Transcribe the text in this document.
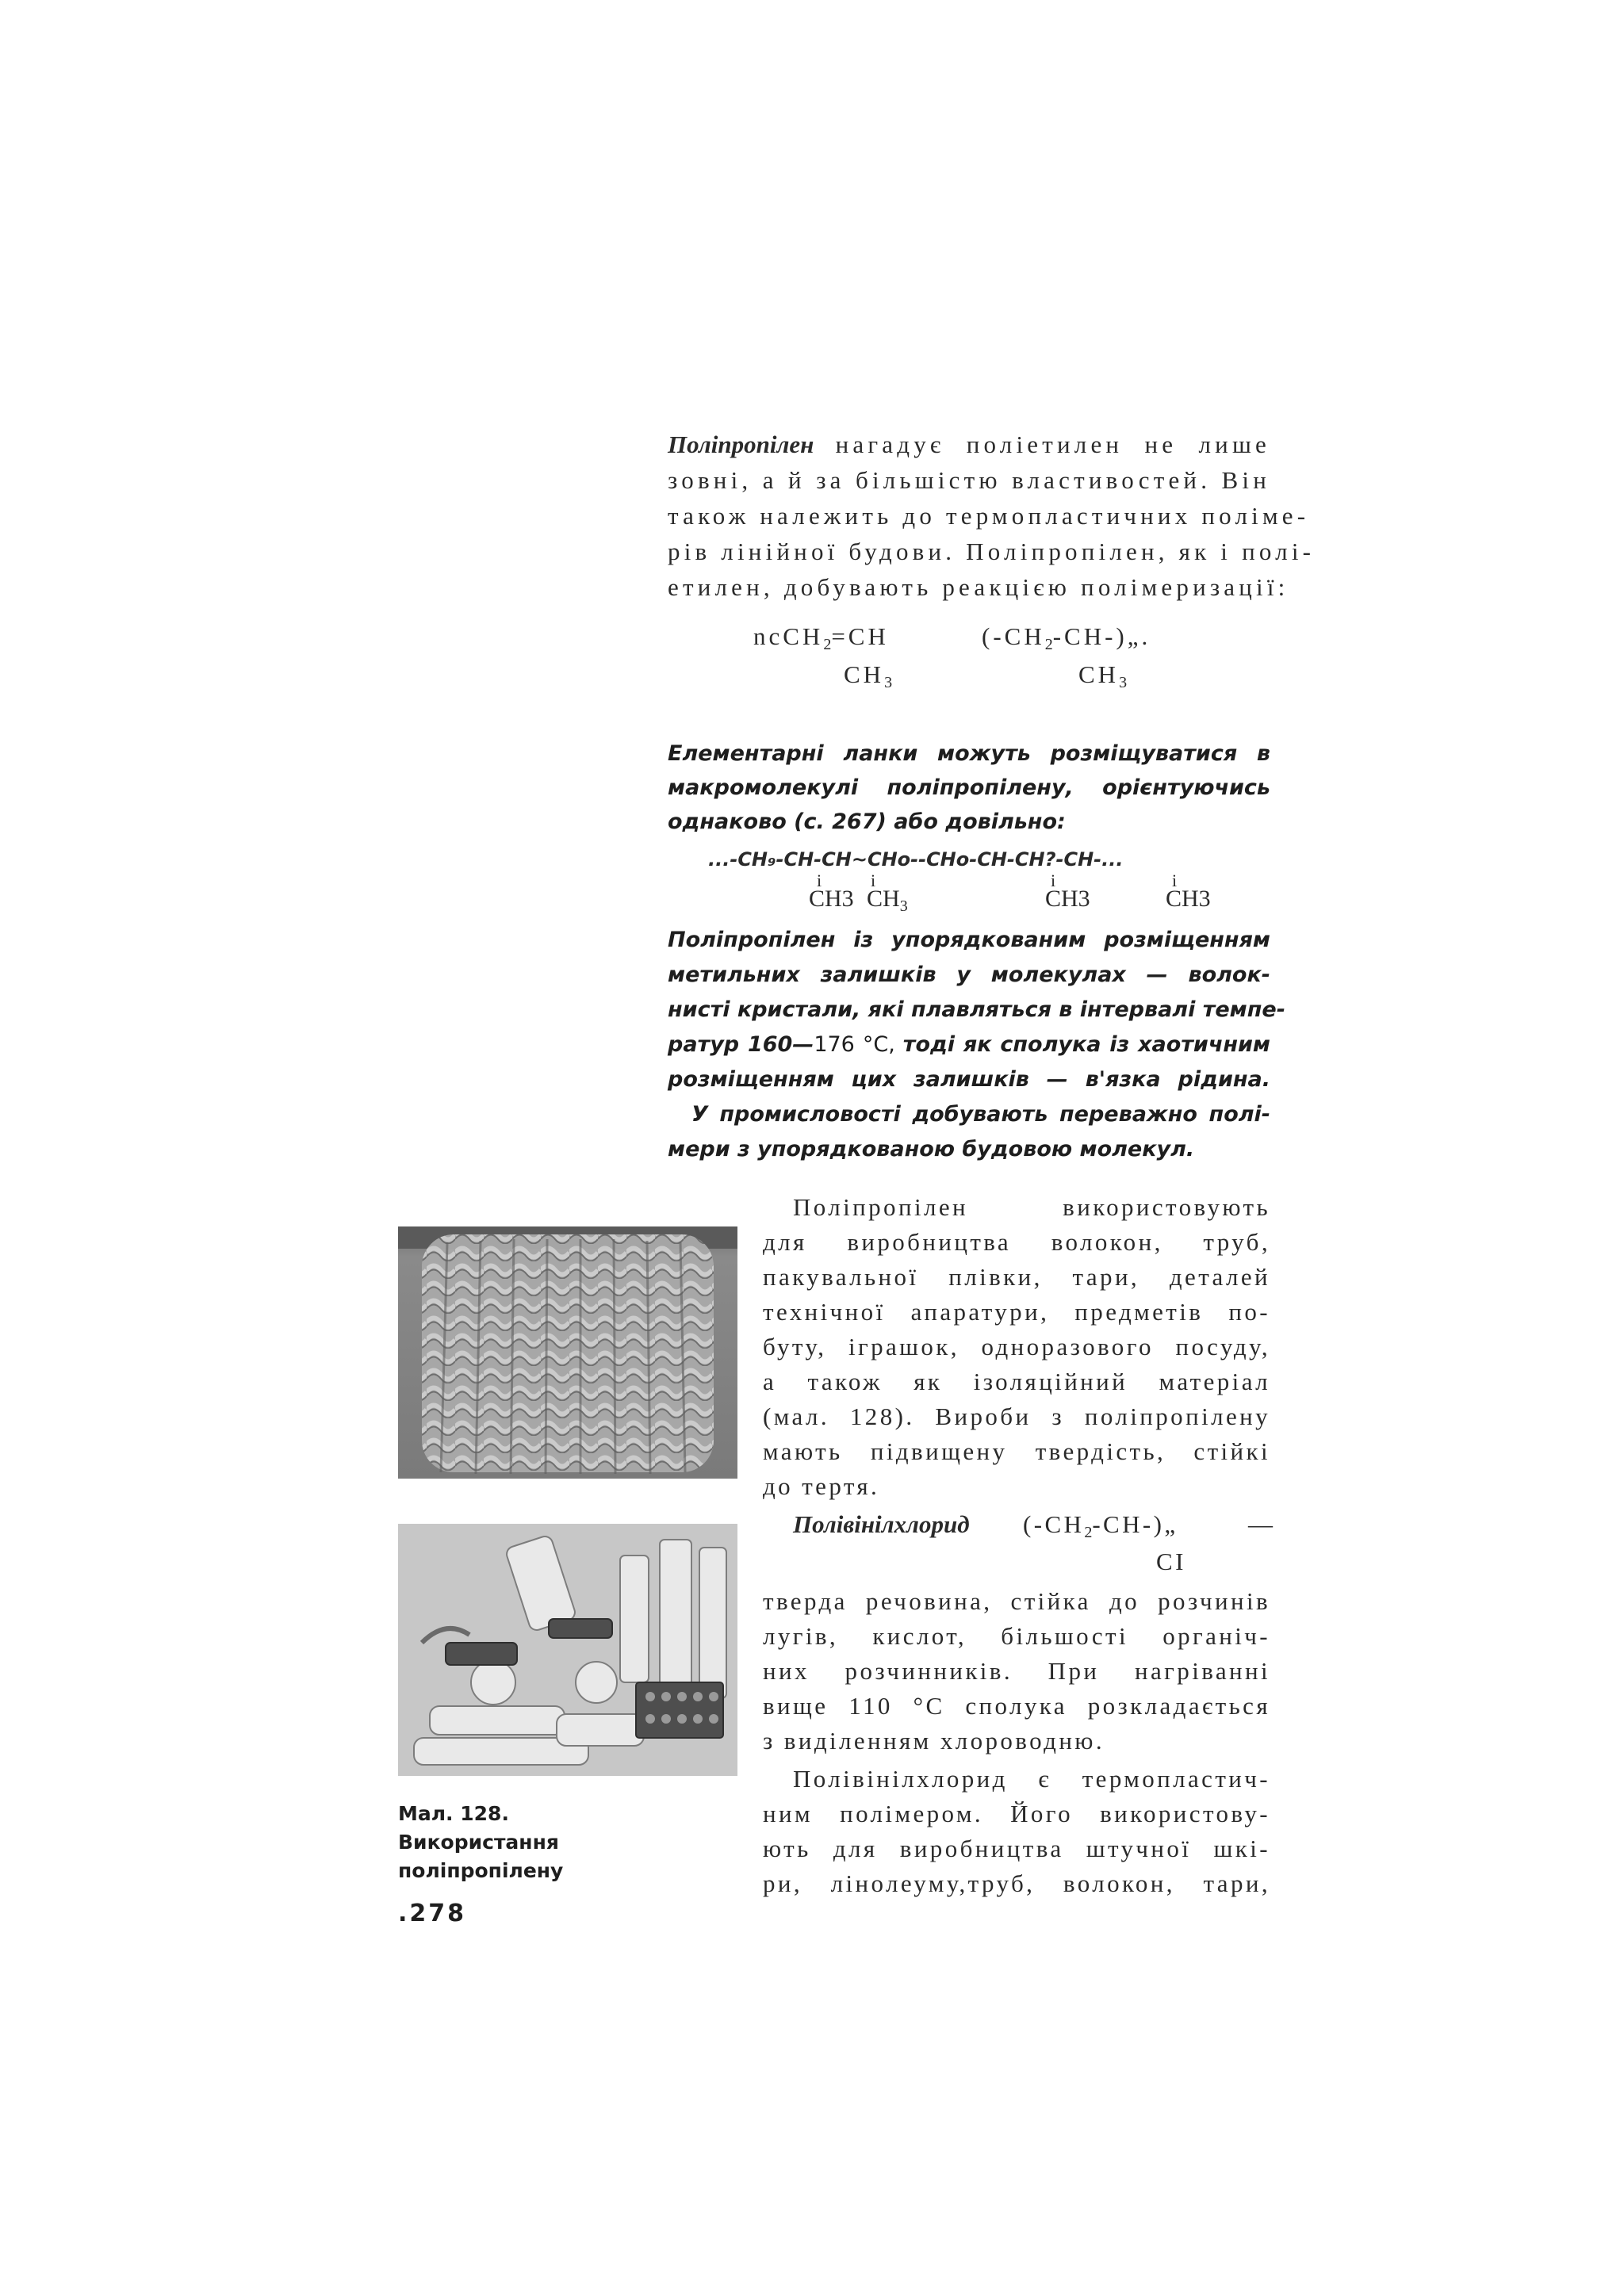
Поліпропілен нагадує поліетилен не лише
зовні, а й за більшістю властивостей. Він
також належить до термопластичних полімe-
рів лінійної будови. Поліпропілен, як і полі-
етилен, добувають реакцією полімеризації:
ncCH$_2$=CH	$(-CH_2-CH-)„$.
$CH_3$	$CH_3$
Елементарні ланки можуть розміщуватися в
макромолекулі поліпропілену, орієнтуючись
однаково (с. 267) або довільно:
...-CH₉-CH-CH~CHo--CHo-CH-CH?-CH-...
i	i	i	i
CH3 $CH_3$	CH3	CH3
Поліпропілен із упорядкованим розміщенням
метильних залишків у молекулах — волок-
нисті кристали, які плавляться в інтервалі темпе-
ратур 160—176 °С, тоді як сполука із хаотичним
розміщенням цих залишків — в'язка рідина.
У промисловості добувають переважно полі-
мери з упорядкованою будовою молекул.
Поліпропілен використовують
для виробництва волокон, труб,
пакувальної плівки, тари, деталей
технічної апаратури, предметів по-
буту, іграшок, одноразового посуду,
а також як ізоляційний матеріал
(мал. 128). Вироби з поліпропілену
мають підвищену твердість, стійкі
до тертя.
Полівінілхлорид $(-CH_2-CH-)„$	—
CI
тверда речовина, стійка до розчинів
лугів, кислот, більшості органіч-
них розчинників. При нагріванні
вище 110 °С сполука розкладається
з виділенням хлороводню.
Полівінілхлорид є термопластич-
ним полімером. Його використову-
ють для виробництва штучної шкі-
ри, лінолеуму,труб, волокон, тари,
Мал. 128.
Використання
поліпропілену
.278
